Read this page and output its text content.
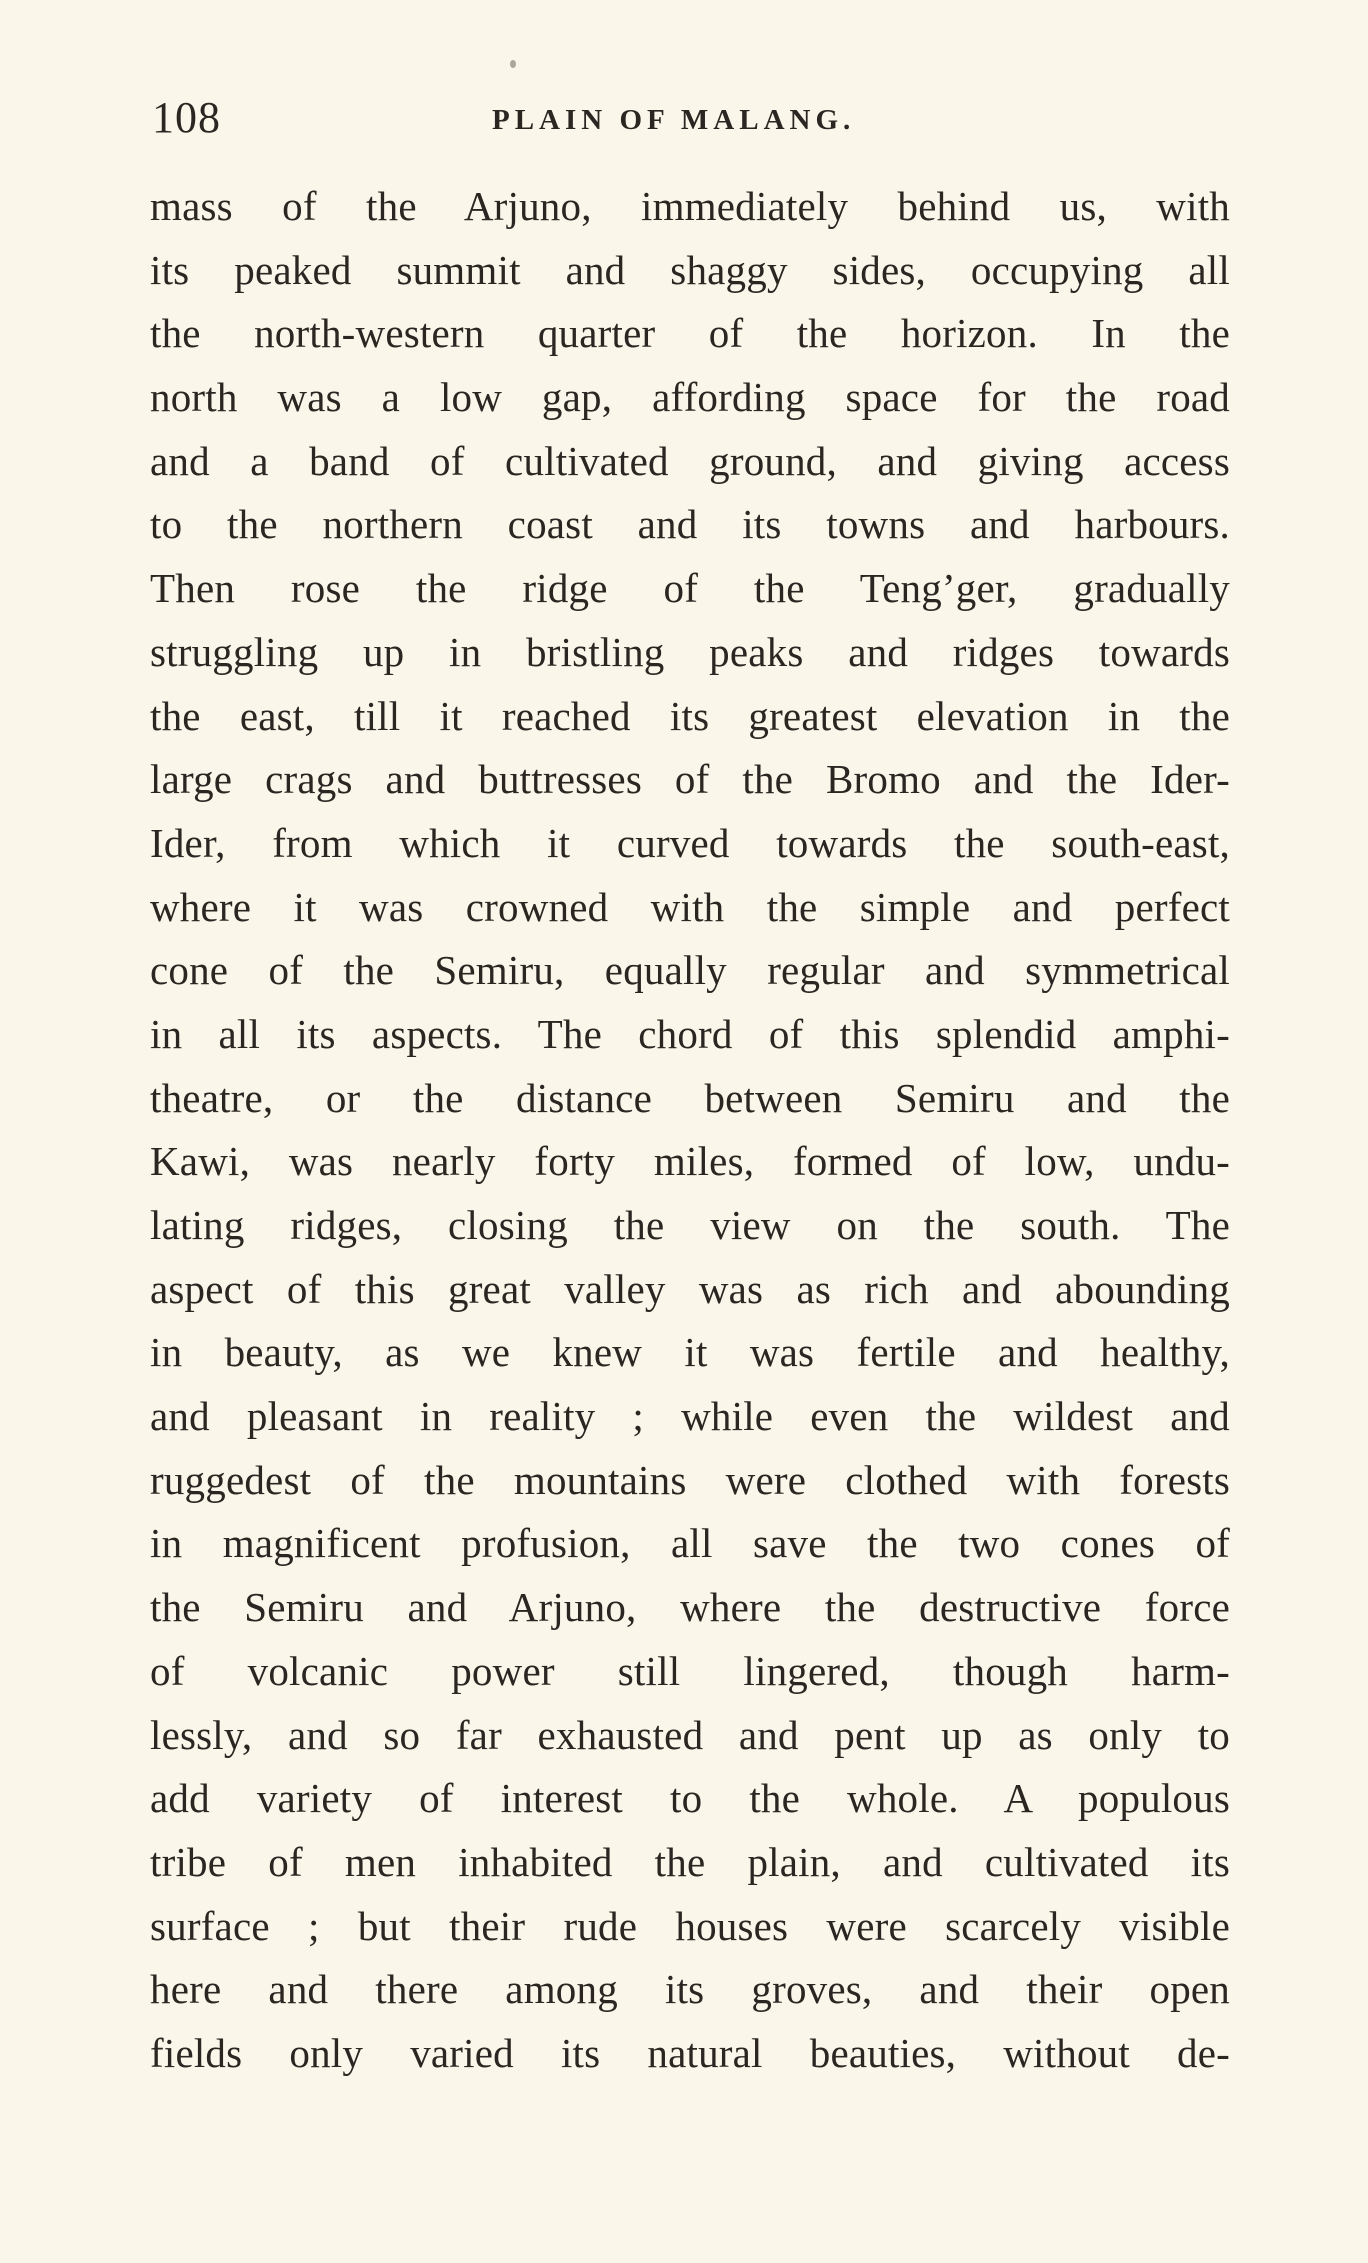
108	PLAIN OF MALANG.
mass of the Arjuno, immediately behind us, with
its peaked summit and shaggy sides, occupying all
the north-western quarter of the horizon. In the
north was a low gap, affording space for the road
and a band of cultivated ground, and giving access
to the northern coast and its towns and harbours.
Then rose the ridge of the Teng’ger, gradually
struggling up in bristling peaks and ridges towards
the east, till it reached its greatest elevation in the
large crags and buttresses of the Bromo and the Ider-
Ider, from which it curved towards the south-east,
where it was crowned with the simple and perfect
cone of the Semiru, equally regular and symmetrical
in all its aspects. The chord of this splendid amphi-
theatre, or the distance between Semiru and the
Kawi, was nearly forty miles, formed of low, undu-
lating ridges, closing the view on the south. The
aspect of this great valley was as rich and abounding
in beauty, as we knew it was fertile and healthy,
and pleasant in reality ; while even the wildest and
ruggedest of the mountains were clothed with forests
in magnificent profusion, all save the two cones of
the Semiru and Arjuno, where the destructive force
of volcanic power still lingered, though harm-
lessly, and so far exhausted and pent up as only to
add variety of interest to the whole. A populous
tribe of men inhabited the plain, and cultivated its
surface ; but their rude houses were scarcely visible
here and there among its groves, and their open
fields only varied its natural beauties, without de-
